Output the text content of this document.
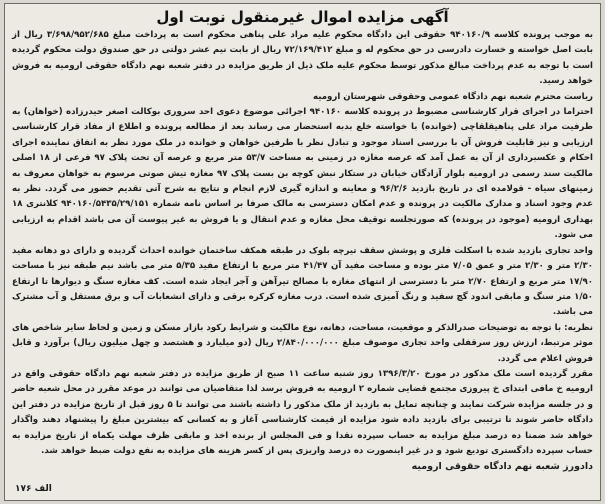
آگهی مزایده اموال غیرمنقول نوبت اول

به موجب پرونده کلاسه ۹۴۰۱۶۰/۹ حقوقی این دادگاه محکوم علیه مراد علی پناهی محکوم است به پرداخت مبلغ ۳/۶۹۸/۹۵۲/۶۸۵ ریال از بابت اصل خواسته و خسارت دادرسی در حق محکوم له و مبلغ ۷۲/۱۶۹/۴۱۲ ریال از بابت نیم عشر دولتی در حق صندوق دولت محکوم گردیده است با توجه به عدم پرداخت مبالغ مذکور توسط محکوم علیه ملک ذیل از طریق مزایده در دفتر شعبه نهم دادگاه حقوقی ارومیه به فروش خواهد رسید.

ریاست محترم شعبه نهم دادگاه عمومی وحقوقی شهرستان ارومیه

احتراما در اجرای قرار کارشناسی مضبوط در پرونده کلاسه ۹۴۰۱۶۰ اجرائی موضوع دعوی احد سروری بوکالت اصغر حیدرزاده (خواهان) به طرفیت مراد علی پناهیقلقاچی (خوانده) با خواسته خلع بدبه استحضار می رساند بعد از مطالعه پرونده و اطلاع از مفاد قرار کارشناسی ارزیابی و نیز قابلیت فروش آن با بررسی اسناد موجود و تبادل نظر با طرفین خواهان و خوانده در ملک مورد نظر به اتفاق نماینده اجرای احکام و عکسبرداری از آن به عمل آمد که عرصه مغازه در زمینی به مساحت ۵۳/۷ متر مربع و عرصه آن تحت پلاک ۹۷ فرعی از ۱۸ اصلی مالکیت سند رسمی در ارومیه بلوار آزادگان خیابان در ستکار نبش کوچه بن بست پلاک ۹۷ مغازه تیش صوتی مرسوم به خواهان معروف به زمینهای سیاه - قولامده ای در تاریخ بازدید ۹۶/۲/۶ و معاینه و اندازه گیری لازم انجام و نتایج به شرح آتی تقدیم حضور می گردد. نظر به عدم وجود اسناد و مدارک مالکیت در پرونده و عدم امکان دسترسی به مالک صرفا بر اساس نامه شماره ۹۴۰۱۶۰/۵۴۳۵/۲۹/۱۵۱ کلانتری ۱۸ بهداری ارومیه (موجود در پرونده) که صورتجلسه توقیف محل مغازه و عدم انتقال و یا فروش به غیر پیوست آن می باشد اقدام به ارزیابی می شود.

واحد تجاری بازدید شده با اسکلت فلزی و پوشش سقف تیرچه بلوک در طبقه همکف ساختمان خوانده احداث گردیده و دارای دو دهانه مفید ۲/۳۰ متر و ۲/۳۰ متر و عمق ۷/۰۵ متر بوده و مساحت مفید آن ۴۱/۴۷ متر مربع با ارتفاع مفید ۵/۳۵ متر می باشد نیم طبقه نیز با مساحت ۱۷/۹۰ متر مربع و ارتفاع ۲/۷۰ متر با دسترسی از انتهای مغازه با مصالح تیرآهن و آجر ایجاد شده است. کف مغازه سنگ و دیوارها تا ارتفاع ۱/۵۰ متر سنگ و مابقی اندود گچ سفید و رنگ آمیزی شده است. درب مغازه کرکره برقی و دارای انشعابات آب و برق مستقل و آب مشترک می باشد.

نظریه: با توجه به توضیحات صدرالذکر و موقعیت، مساحت، دهانه، نوع مالکیت و شرایط رکود بازار مسکن و زمین و لحاظ سایر شاخص های موثر مرتبط، ارزش روز سرقفلی واحد تجاری موصوف مبلغ ۲/۸۴۰/۰۰۰/۰۰۰ ریال (دو میلیارد و هشتصد و چهل میلیون ریال) برآورد و قابل فروش اعلام می گردد.

مقرر گردیده است ملک مذکور در مورخ ۱۳۹۶/۳/۲۰ روز شنبه ساعت ۱۱ صبح از طریق مزایده در دفتر شعبه نهم دادگاه حقوقی واقع در ارومیه خ مافی ابتدای خ پیروزی مجتمع قضایی شماره ۲ ارومیه به فروش برسد لذا متقاضیان می توانند در موعد مقرر در محل شعبه حاضر و در جلسه مزایده شرکت نمایند و چنانچه تمایل به بازدید از ملک مذکور را داشته باشند می توانند تا ۵ روز قبل از تاریخ مزایده در دفتر این دادگاه حاضر شوند تا ترتیبی برای بازدید داده شود مزایده از قیمت کارشناسی آغاز و به کسانی که بیشترین مبلغ را پیشنهاد دهند واگذار خواهد شد ضمنا ده درصد مبلغ مزایده به حساب سپرده نقدا و فی المجلس از برنده اخذ و مابقی ظرف مهلت یکماه از تاریخ مزایده به حساب سپرده دادگستری تودیع شود و در غیر اینصورت ده درصد واریزی پس از کسر هزینه های مزایده به نفع دولت ضبط خواهد شد.

دادورز شعبه نهم دادگاه حقوقی ارومیه

الف ۱۷۶
